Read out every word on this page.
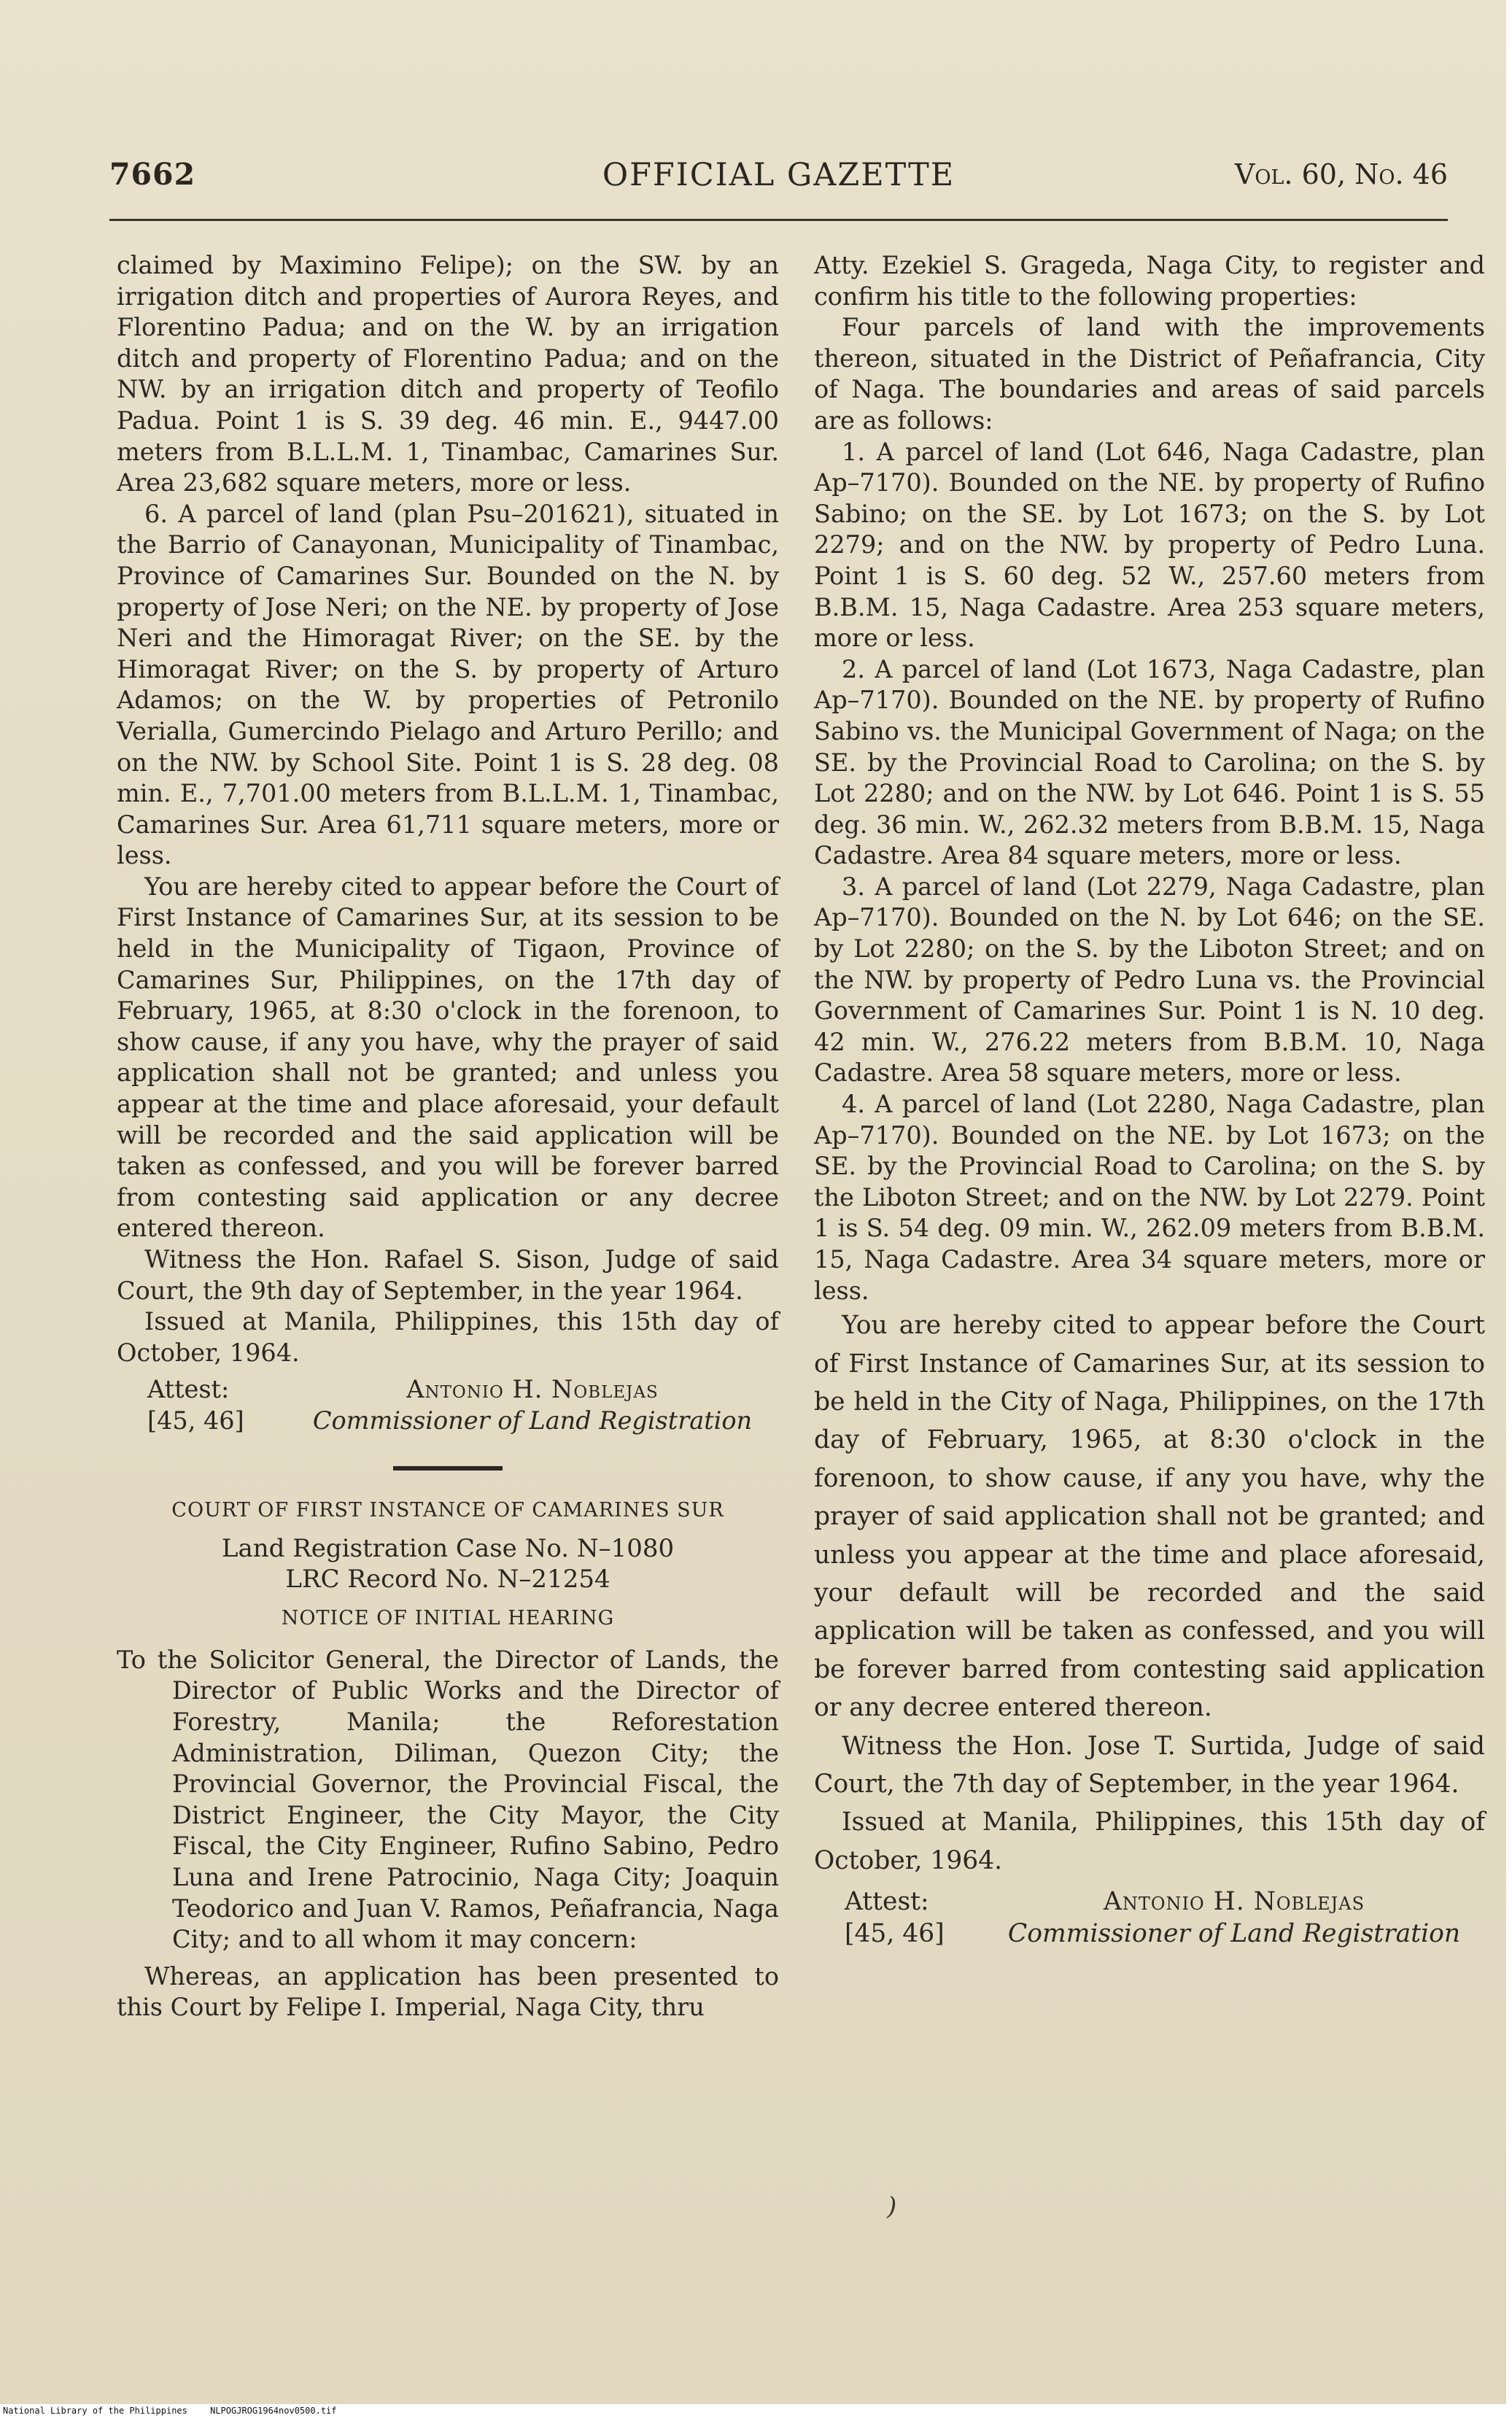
7662	OFFICIAL GAZETTE	Vol. 60, No. 46

claimed by Maximino Felipe); on the SW. by an irrigation ditch and properties of Aurora Reyes, and Florentino Padua; and on the W. by an irrigation ditch and property of Florentino Padua; and on the NW. by an irrigation ditch and property of Teofilo Padua. Point 1 is S. 39 deg. 46 min. E., 9447.00 meters from B.L.L.M. 1, Tinambac, Camarines Sur. Area 23,682 square meters, more or less.

6. A parcel of land (plan Psu–201621), situated in the Barrio of Canayonan, Municipality of Tinambac, Province of Camarines Sur. Bounded on the N. by property of Jose Neri; on the NE. by property of Jose Neri and the Himoragat River; on the SE. by the Himoragat River; on the S. by property of Arturo Adamos; on the W. by properties of Petronilo Verialla, Gumercindo Pielago and Arturo Perillo; and on the NW. by School Site. Point 1 is S. 28 deg. 08 min. E., 7,701.00 meters from B.L.L.M. 1, Tinambac, Camarines Sur. Area 61,711 square meters, more or less.

You are hereby cited to appear before the Court of First Instance of Camarines Sur, at its session to be held in the Municipality of Tigaon, Province of Camarines Sur, Philippines, on the 17th day of February, 1965, at 8:30 o'clock in the forenoon, to show cause, if any you have, why the prayer of said application shall not be granted; and unless you appear at the time and place aforesaid, your default will be recorded and the said application will be taken as confessed, and you will be forever barred from contesting said application or any decree entered thereon.

Witness the Hon. Rafael S. Sison, Judge of said Court, the 9th day of September, in the year 1964.

Issued at Manila, Philippines, this 15th day of October, 1964.

Attest:	Antonio H. Noblejas
[45, 46]	Commissioner of Land Registration
COURT OF FIRST INSTANCE OF CAMARINES SUR
Land Registration Case No. N–1080
LRC Record No. N–21254
NOTICE OF INITIAL HEARING

To the Solicitor General, the Director of Lands, the Director of Public Works and the Director of Forestry, Manila; the Reforestation Administration, Diliman, Quezon City; the Provincial Governor, the Provincial Fiscal, the District Engineer, the City Mayor, the City Fiscal, the City Engineer, Rufino Sabino, Pedro Luna and Irene Patrocinio, Naga City; Joaquin Teodorico and Juan V. Ramos, Peñafrancia, Naga City; and to all whom it may concern:

Whereas, an application has been presented to this Court by Felipe I. Imperial, Naga City, thru

Atty. Ezekiel S. Grageda, Naga City, to register and confirm his title to the following properties:

Four parcels of land with the improvements thereon, situated in the District of Peñafrancia, City of Naga. The boundaries and areas of said parcels are as follows:

1. A parcel of land (Lot 646, Naga Cadastre, plan Ap–7170). Bounded on the NE. by property of Rufino Sabino; on the SE. by Lot 1673; on the S. by Lot 2279; and on the NW. by property of Pedro Luna. Point 1 is S. 60 deg. 52 W., 257.60 meters from B.B.M. 15, Naga Cadastre. Area 253 square meters, more or less.

2. A parcel of land (Lot 1673, Naga Cadastre, plan Ap–7170). Bounded on the NE. by property of Rufino Sabino vs. the Municipal Government of Naga; on the SE. by the Provincial Road to Carolina; on the S. by Lot 2280; and on the NW. by Lot 646. Point 1 is S. 55 deg. 36 min. W., 262.32 meters from B.B.M. 15, Naga Cadastre. Area 84 square meters, more or less.

3. A parcel of land (Lot 2279, Naga Cadastre, plan Ap–7170). Bounded on the N. by Lot 646; on the SE. by Lot 2280; on the S. by the Liboton Street; and on the NW. by property of Pedro Luna vs. the Provincial Government of Camarines Sur. Point 1 is N. 10 deg. 42 min. W., 276.22 meters from B.B.M. 10, Naga Cadastre. Area 58 square meters, more or less.

4. A parcel of land (Lot 2280, Naga Cadastre, plan Ap–7170). Bounded on the NE. by Lot 1673; on the SE. by the Provincial Road to Carolina; on the S. by the Liboton Street; and on the NW. by Lot 2279. Point 1 is S. 54 deg. 09 min. W., 262.09 meters from B.B.M. 15, Naga Cadastre. Area 34 square meters, more or less.

You are hereby cited to appear before the Court of First Instance of Camarines Sur, at its session to be held in the City of Naga, Philippines, on the 17th day of February, 1965, at 8:30 o'clock in the forenoon, to show cause, if any you have, why the prayer of said application shall not be granted; and unless you appear at the time and place aforesaid, your default will be recorded and the said application will be taken as confessed, and you will be forever barred from contesting said application or any decree entered thereon.

Witness the Hon. Jose T. Surtida, Judge of said Court, the 7th day of September, in the year 1964.

Issued at Manila, Philippines, this 15th day of October, 1964.

Attest:	Antonio H. Noblejas
[45, 46]	Commissioner of Land Registration
)
National Library of the Philippines	NLPOGJROG1964nov0500.tif
